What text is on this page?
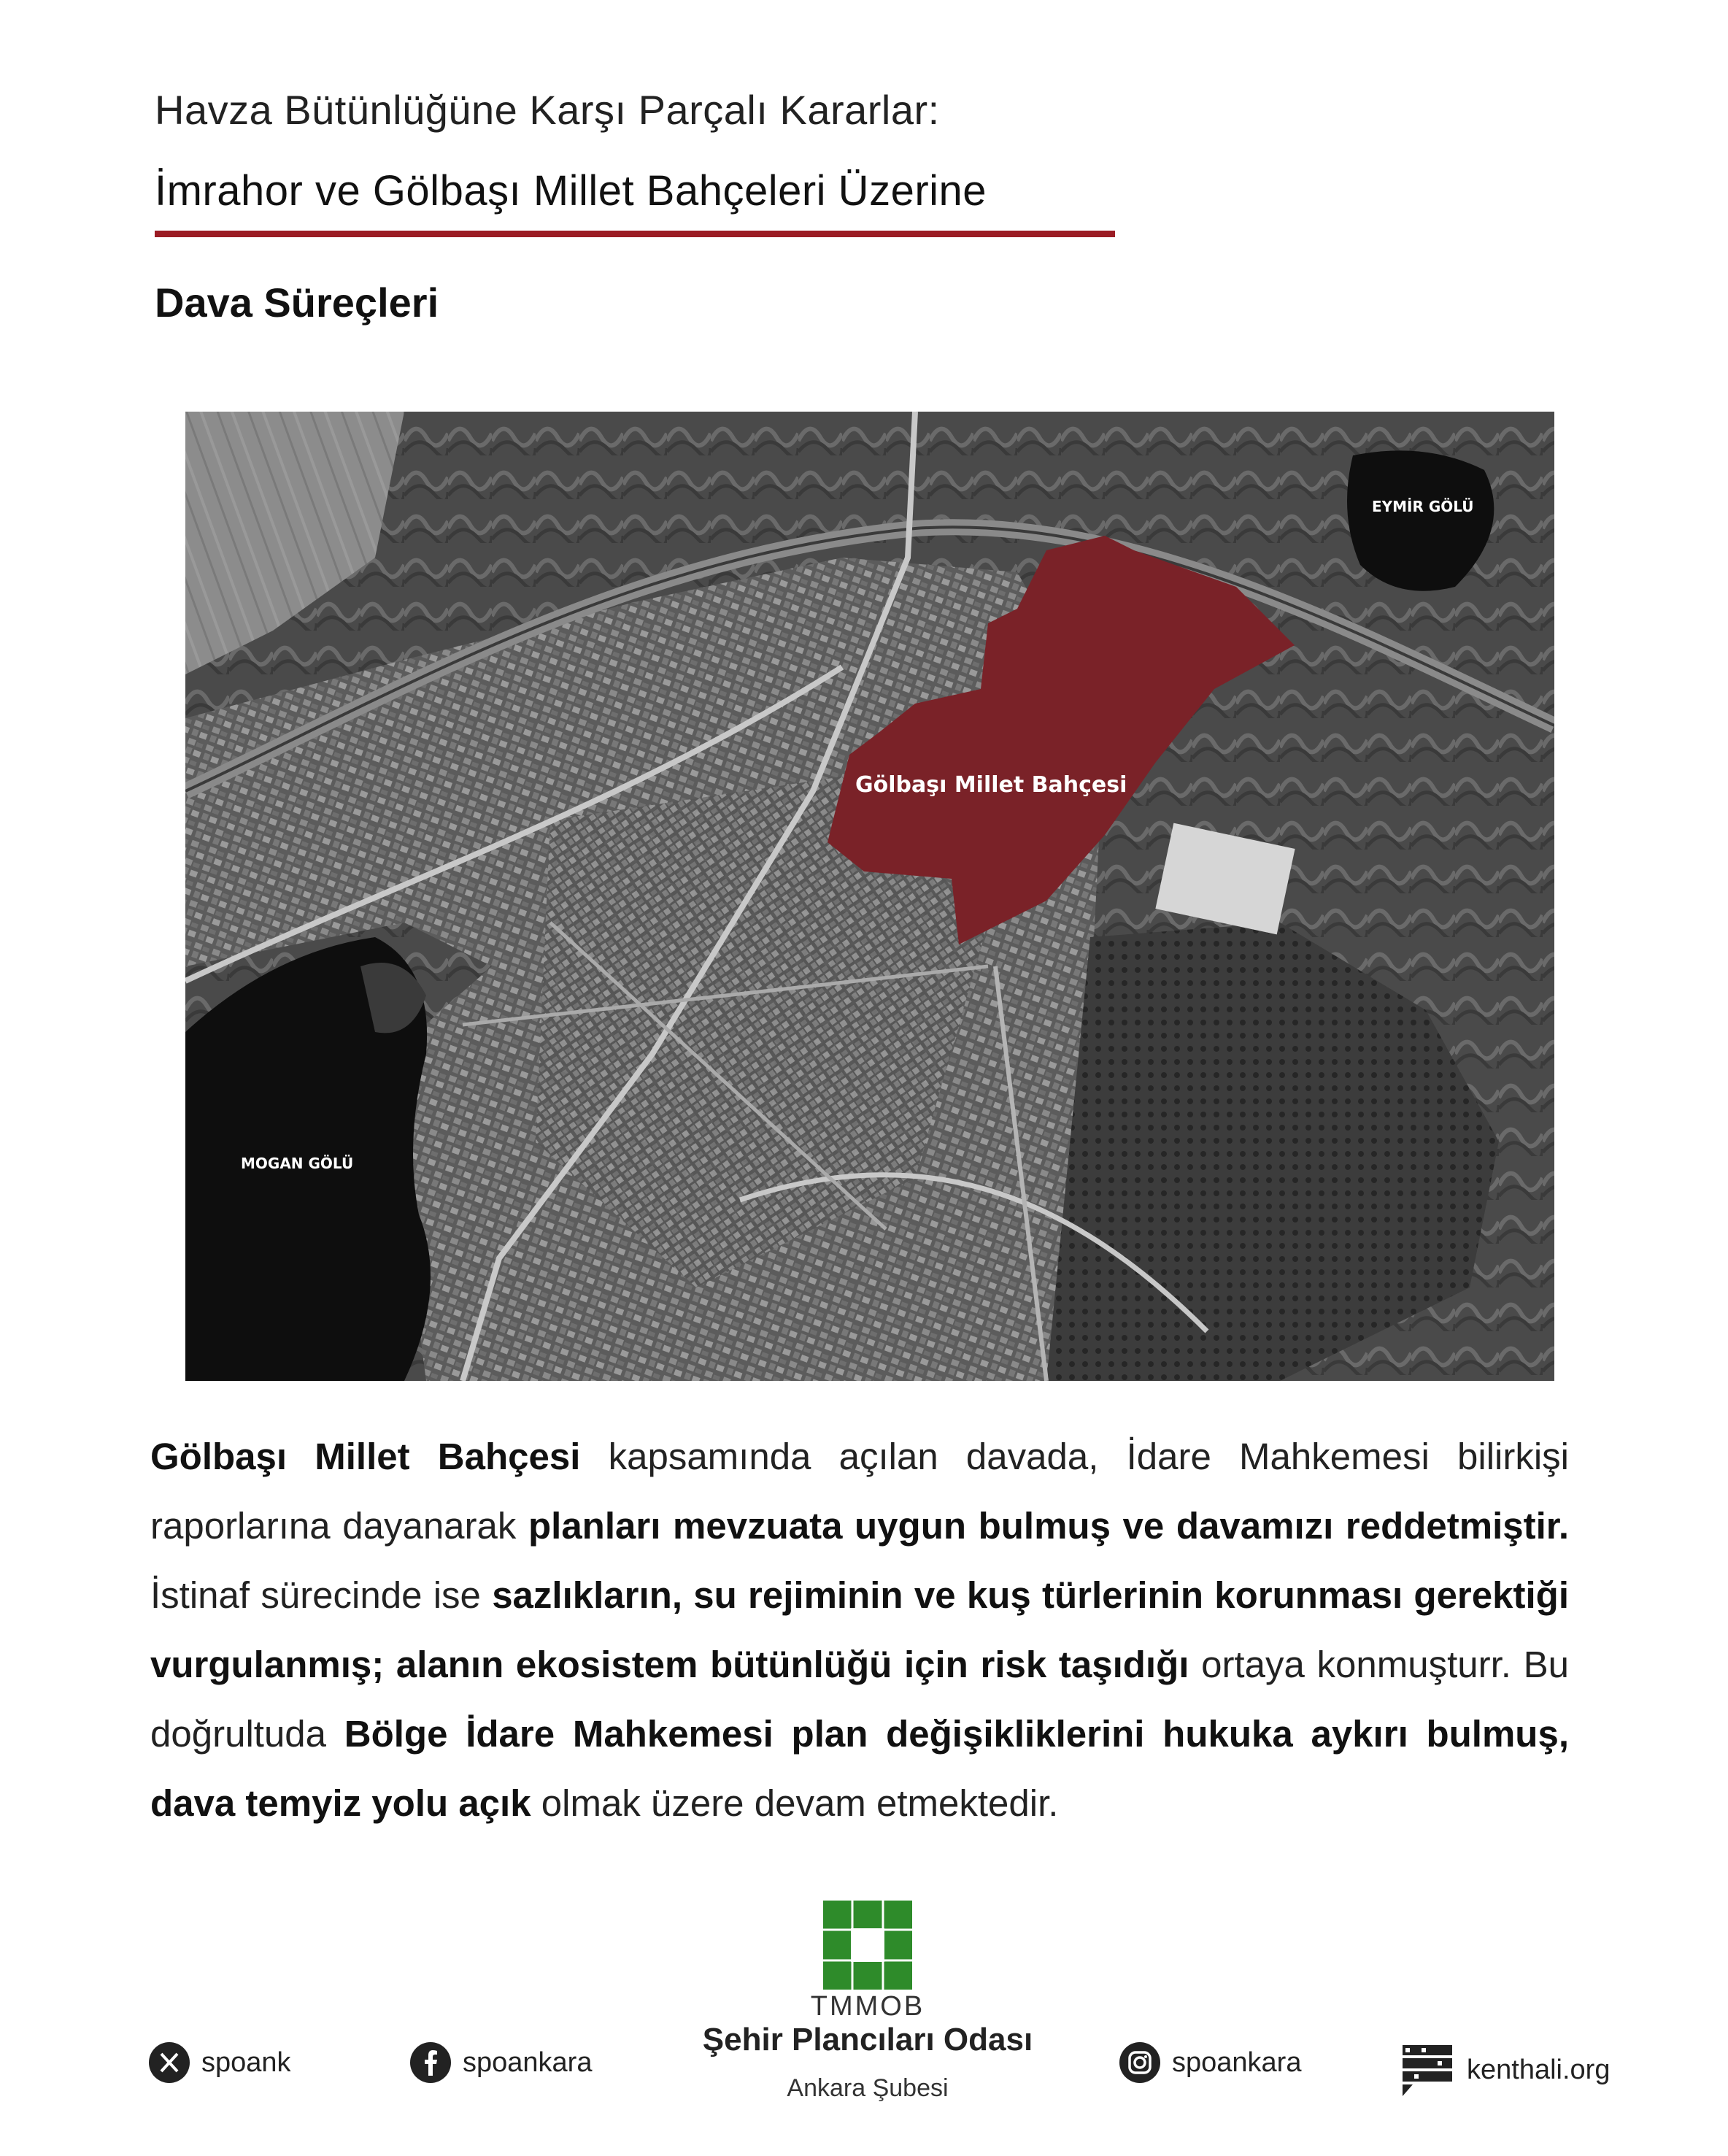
Havza Bütünlüğüne Karşı Parçalı Kararlar:
İmrahor ve Gölbaşı Millet Bahçeleri Üzerine
Dava Süreçleri
EYMİR GÖLÜ
MOGAN GÖLÜ
Gölbaşı Millet Bahçesi
Gölbaşı Millet Bahçesi kapsamında açılan davada, İdare Mahkemesi bilirkişi raporlarına dayanarak planları mevzuata uygun bulmuş ve davamızı reddetmiştir. İstinaf sürecinde ise sazlıkların, su rejiminin ve kuş türlerinin korunması gerektiği vurgulanmış; alanın ekosistem bütünlüğü için risk taşıdığı ortaya konmuşturr. Bu doğrultuda Bölge İdare Mahkemesi plan değişikliklerini hukuka aykırı bulmuş, dava temyiz yolu açık olmak üzere devam etmektedir.
TMMOB
Şehir Plancıları Odası
Ankara Şubesi
spoank	spoankara	spoankara	kenthali.org
